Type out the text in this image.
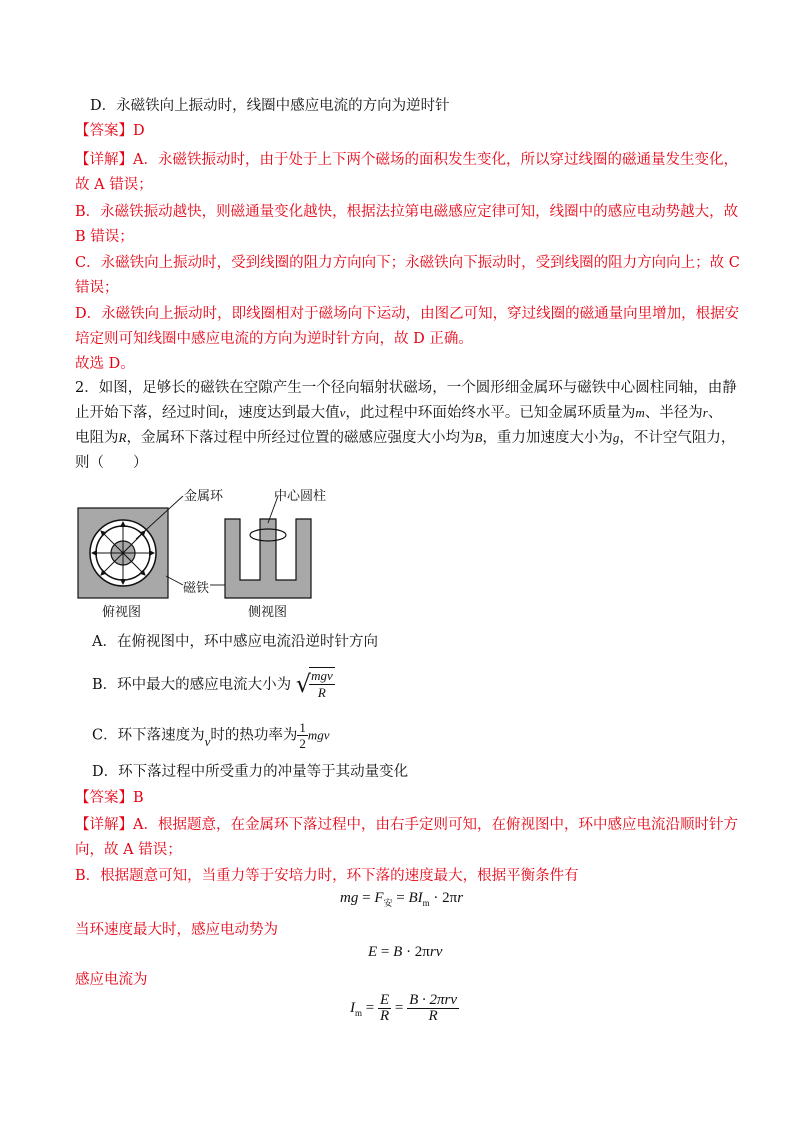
D．永磁铁向上振动时，线圈中感应电流的方向为逆时针
【答案】D
【详解】A．永磁铁振动时，由于处于上下两个磁场的面积发生变化，所以穿过线圈的磁通量发生变化，
故 A 错误；
B．永磁铁振动越快，则磁通量变化越快，根据法拉第电磁感应定律可知，线圈中的感应电动势越大，故
B 错误；
C．永磁铁向上振动时，受到线圈的阻力方向向下；永磁铁向下振动时，受到线圈的阻力方向向上；故 C
错误；
D．永磁铁向上振动时，即线圈相对于磁场向下运动，由图乙可知，穿过线圈的磁通量向里增加，根据安
培定则可知线圈中感应电流的方向为逆时针方向，故 D 正确。
故选 D。
2．如图，足够长的磁铁在空隙产生一个径向辐射状磁场，一个圆形细金属环与磁铁中心圆柱同轴，由静
止开始下落，经过时间t，速度达到最大值v，此过程中环面始终水平。已知金属环质量为m、半径为r、
电阻为R，金属环下落过程中所经过位置的磁感应强度大小均为B，重力加速度大小为g，不计空气阻力，
则（　　）
金属环	中心圆柱
磁铁
俯视图	侧视图
A．在俯视图中，环中感应电流沿逆时针方向
B．环中最大的感应电流大小为 √
$\frac{\text{mgv}}{R}$
C．环下落速度为v时的热功率为 $\frac{1}{2}$ mgv
D．环下落过程中所受重力的冲量等于其动量变化
【答案】B
【详解】A．根据题意，在金属环下落过程中，由右手定则可知，在俯视图中，环中感应电流沿顺时针方
向，故 A 错误；
B．根据题意可知，当重力等于安培力时，环下落的速度最大，根据平衡条件有
mg = $F_安 = BI_m \cdot 2\pi r$
当环速度最大时，感应电动势为
E = B · 2πrv
感应电流为
$I_m = \frac{E}{R} = \frac{\text{B · 2πrv}}{R}$
